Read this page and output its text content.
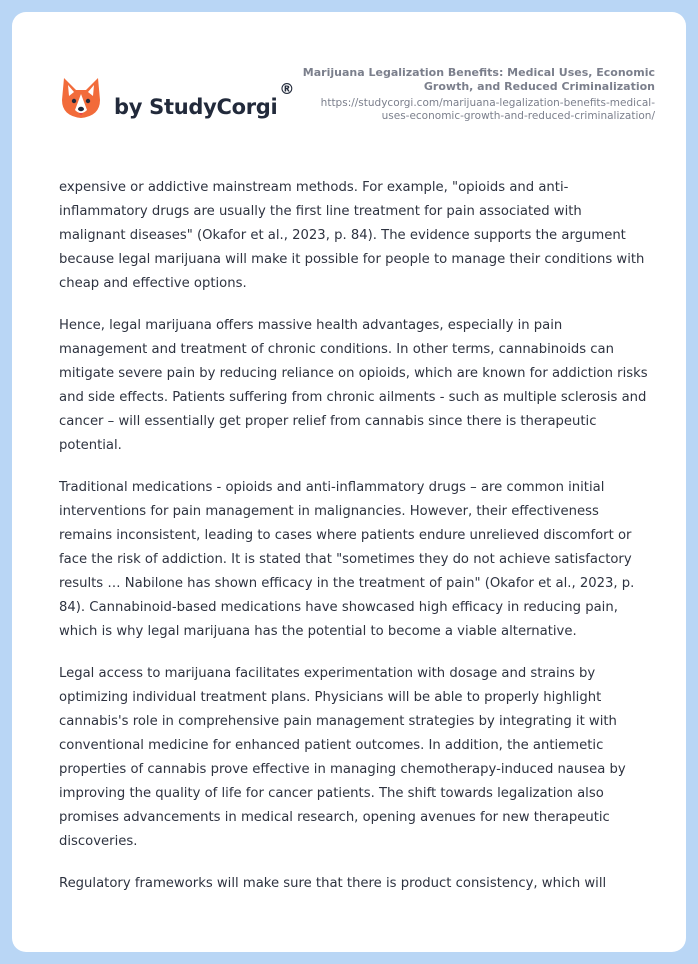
by StudyCorgi
®
Marijuana Legalization Benefits: Medical Uses, Economic Growth, and Reduced Criminalization
https://studycorgi.com/marijuana-legalization-benefits-medical-uses-economic-growth-and-reduced-criminalization/

expensive or addictive mainstream methods. For example, "opioids and anti-inflammatory drugs are usually the first line treatment for pain associated with malignant diseases" (Okafor et al., 2023, p. 84). The evidence supports the argument because legal marijuana will make it possible for people to manage their conditions with cheap and effective options.

Hence, legal marijuana offers massive health advantages, especially in pain management and treatment of chronic conditions. In other terms, cannabinoids can mitigate severe pain by reducing reliance on opioids, which are known for addiction risks and side effects. Patients suffering from chronic ailments - such as multiple sclerosis and cancer – will essentially get proper relief from cannabis since there is therapeutic potential.

Traditional medications - opioids and anti-inflammatory drugs – are common initial interventions for pain management in malignancies. However, their effectiveness remains inconsistent, leading to cases where patients endure unrelieved discomfort or face the risk of addiction. It is stated that "sometimes they do not achieve satisfactory results … Nabilone has shown efficacy in the treatment of pain" (Okafor et al., 2023, p. 84). Cannabinoid-based medications have showcased high efficacy in reducing pain, which is why legal marijuana has the potential to become a viable alternative.

Legal access to marijuana facilitates experimentation with dosage and strains by optimizing individual treatment plans. Physicians will be able to properly highlight cannabis's role in comprehensive pain management strategies by integrating it with conventional medicine for enhanced patient outcomes. In addition, the antiemetic properties of cannabis prove effective in managing chemotherapy-induced nausea by improving the quality of life for cancer patients. The shift towards legalization also promises advancements in medical research, opening avenues for new therapeutic discoveries.

Regulatory frameworks will make sure that there is product consistency, which will
